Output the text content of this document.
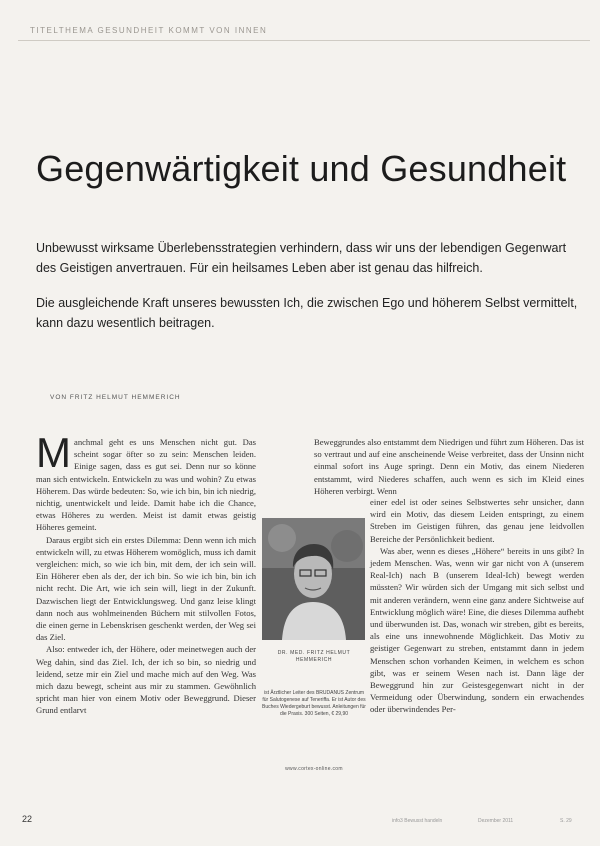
TITELTHEMA GESUNDHEIT KOMMT VON INNEN
Gegenwärtigkeit und Gesundheit

Unbewusst wirksame Überlebensstrategien verhindern, dass wir uns der lebendigen Gegenwart des Geistigen anvertrauen. Für ein heilsames Leben aber ist genau das hilfreich.

Die ausgleichende Kraft unseres bewussten Ich, die zwischen Ego und höherem Selbst vermittelt, kann dazu wesentlich beitragen.

VON FRITZ HELMUT HEMMERICH

Manchmal geht es uns Menschen nicht gut. Das scheint sogar öfter so zu sein: Menschen leiden. Einige sagen, dass es gut sei. Denn nur so könne man sich entwickeln. Entwickeln zu was und wohin? Zu etwas Höherem. Das würde bedeuten: So, wie ich bin, bin ich niedrig, nichtig, unentwickelt und leide. Damit habe ich die Chance, etwas Höheres zu werden. Meist ist damit etwas geistig Höheres gemeint.

Daraus ergibt sich ein erstes Dilemma: Denn wenn ich mich entwickeln will, zu etwas Höherem womöglich, muss ich damit vergleichen: mich, so wie ich bin, mit dem, der ich sein will. Ein Höherer eben als der, der ich bin. So wie ich bin, bin ich nicht recht. Die Art, wie ich sein will, liegt in der Zukunft. Dazwischen liegt der Entwicklungsweg. Und ganz leise klingt dann noch aus wohlmeinenden Büchern mit stilvollen Fotos, die einen gerne in Lebenskrisen geschenkt werden, der Weg sei das Ziel.

Also: entweder ich, der Höhere, oder meinetwegen auch der Weg dahin, sind das Ziel. Ich, der ich so bin, so niedrig und leidend, setze mir ein Ziel und mache mich auf den Weg. Was mich dazu bewegt, scheint aus mir zu stammen. Gewöhnlich spricht man hier von einem Motiv oder Beweggrund. Dieser Grund entlarvt

Beweggrundes also entstammt dem Niedrigen und führt zum Höheren. Das ist so vertraut und auf eine anscheinende Weise verbreitet, dass der Unsinn nicht einmal sofort ins Auge springt. Denn ein Motiv, das einem Niederen entstammt, wird Niederes schaffen, auch wenn es sich im Kleid eines Höheren verbirgt. Wenn

einer edel ist oder seines Selbstwertes sehr unsicher, dann wird ein Motiv, das diesem Leiden entspringt, zu einem Streben im Geistigen führen, das genau jene leidvollen Bereiche der Persönlichkeit bedient.

Was aber, wenn es dieses „Höhere“ bereits in uns gibt? In jedem Menschen. Was, wenn wir gar nicht von A (unserem Real-Ich) nach B (unserem Ideal-Ich) bewegt werden müssten? Wir würden sich der Umgang mit sich selbst und mit anderen verändern, wenn eine ganz andere Sichtweise auf Entwicklung möglich wäre! Eine, die dieses Dilemma aufhebt und überwunden ist. Das, wonach wir streben, gibt es bereits, als eine uns innewohnende Möglichkeit. Das Motiv zu geistiger Gegenwart zu streben, entstammt dann in jedem Menschen schon vorhanden Keimen, in welchem es schon gibt, was er seinem Wesen nach ist. Dann läge der Beweggrund hin zur Geistesgegenwart nicht in der Vermeidung oder Überwindung, sondern ein erwachendes oder überwindendes Per-

DR. MED. FRITZ HELMUT HEMMERICH
ist Ärztlicher Leiter des BRUDANUS Zentrum für Salutogenese auf Teneriffa. Er ist Autor des Buches Wiedergeburt bewusst. Anleitungen für die Praxis. 300 Seiten, € 29,90
www.cortex-online.com
22	info3 Bewusst handeln	Dezember 2011	S. 29
